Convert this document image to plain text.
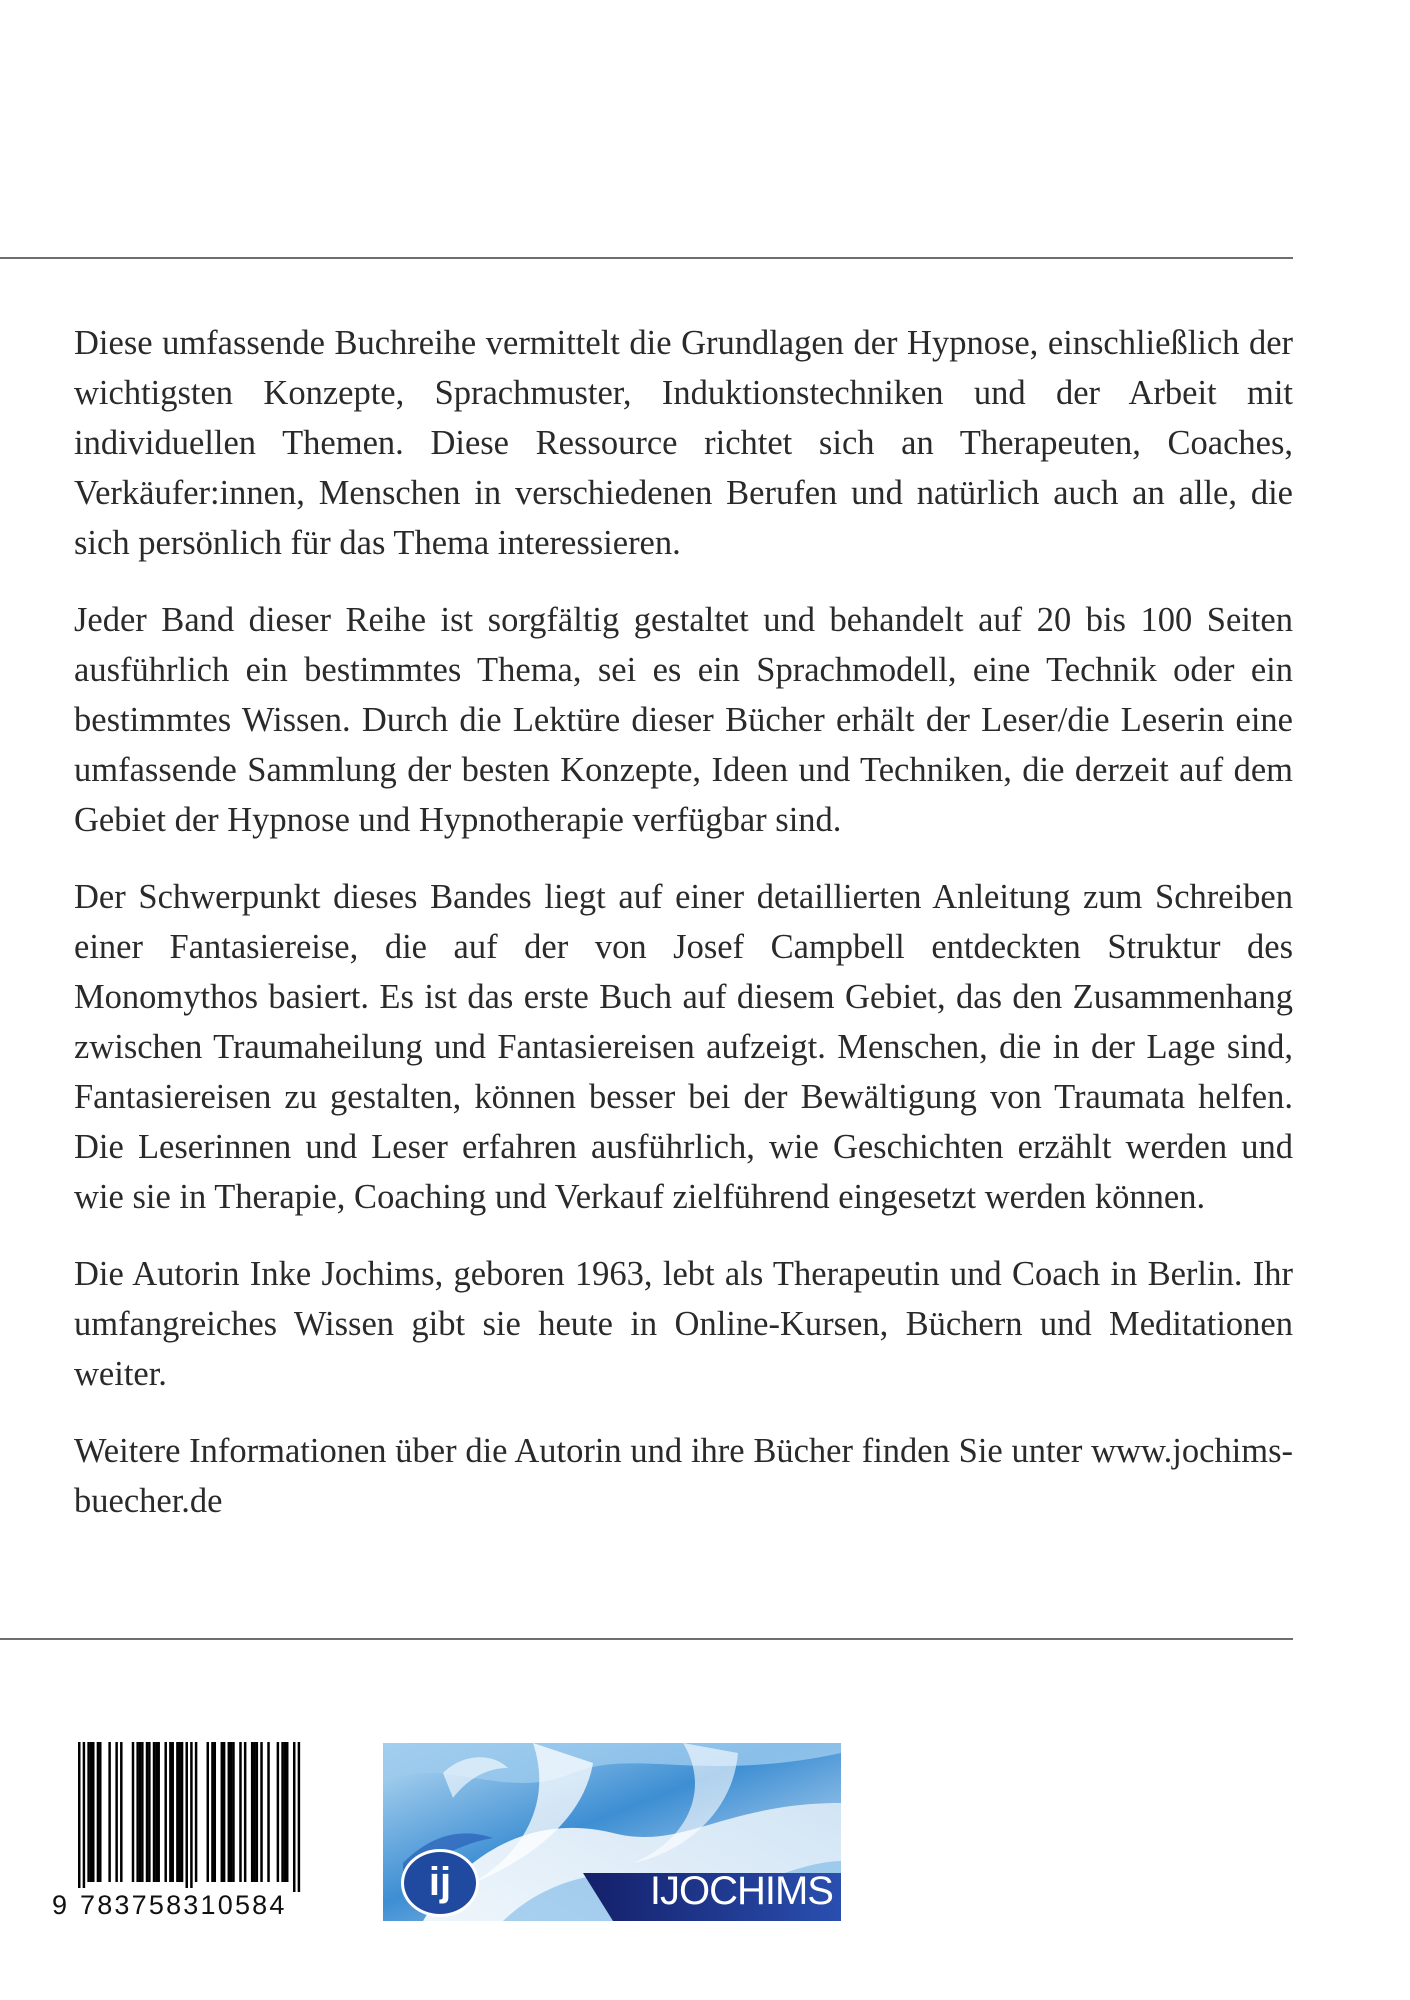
Diese umfassende Buchreihe vermittelt die Grundlagen der Hypnose, einschließlich der wichtigsten Konzepte, Sprachmuster, Induktionstechniken und der Arbeit mit individuellen Themen. Diese Ressource richtet sich an Therapeuten, Coaches, Verkäufer:innen, Menschen in verschiedenen Berufen und natürlich auch an alle, die sich persönlich für das Thema interessieren.

Jeder Band dieser Reihe ist sorgfältig gestaltet und behandelt auf 20 bis 100 Seiten ausführlich ein bestimmtes Thema, sei es ein Sprachmodell, eine Technik oder ein bestimmtes Wissen. Durch die Lektüre dieser Bücher erhält der Leser/die Leserin eine umfassende Sammlung der besten Konzepte, Ideen und Techniken, die derzeit auf dem Gebiet der Hypnose und Hypnotherapie verfügbar sind.

Der Schwerpunkt dieses Bandes liegt auf einer detaillierten Anleitung zum Schreiben einer Fantasiereise, die auf der von Josef Campbell entdeckten Struktur des Monomythos basiert. Es ist das erste Buch auf diesem Gebiet, das den Zusammenhang zwischen Traumaheilung und Fantasiereisen aufzeigt. Menschen, die in der Lage sind, Fantasiereisen zu gestalten, können besser bei der Bewältigung von Traumata helfen. Die Leserinnen und Leser erfahren ausführlich, wie Geschichten erzählt werden und wie sie in Therapie, Coaching und Verkauf zielführend eingesetzt werden können.

Die Autorin Inke Jochims, geboren 1963, lebt als Therapeutin und Coach in Berlin. Ihr umfangreiches Wissen gibt sie heute in Online-Kursen, Büchern und Meditationen weiter.

Weitere Informationen über die Autorin und ihre Bücher finden Sie unter www.jochims-buecher.de

9 783758310584
ij	IJOCHIMS
